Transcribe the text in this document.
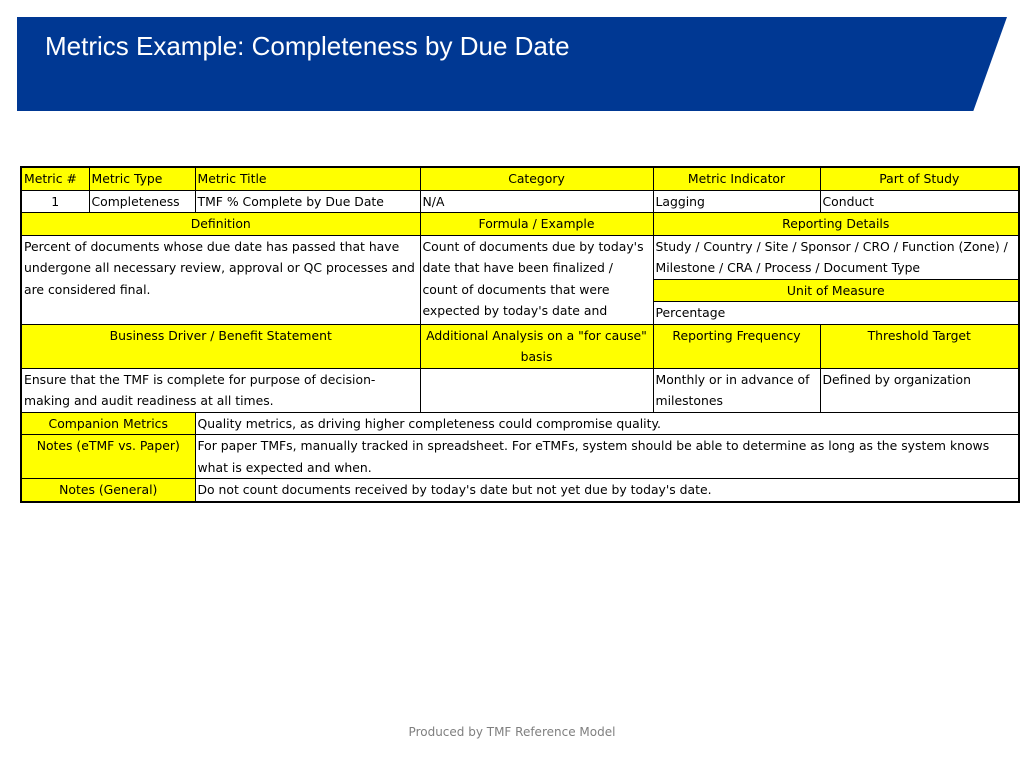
Metrics Example: Completeness by Due Date
Metric #	Metric Type	Metric Title	Category	Metric Indicator	Part of Study
1	Completeness	TMF % Complete by Due Date	N/A	Lagging	Conduct
Definition			Formula / Example	Reporting Details	
Percent of documents whose due date has passed that have undergone all necessary review, approval or QC processes and are considered final.			Count of documents due by today's date that have been finalized / count of documents that were expected by today's date and	Study / Country / Site / Sponsor / CRO / Function (Zone) / Milestone / CRA / Process / Document Type	
				Unit of Measure	
				Percentage	
Business Driver / Benefit Statement			Additional Analysis on a "for cause" basis	Reporting Frequency	Threshold Target
Ensure that the TMF is complete for purpose of decision-making and audit readiness at all times.				Monthly or in advance of milestones	Defined by organization
Companion Metrics		Quality metrics, as driving higher completeness could compromise quality.			
Notes (eTMF vs. Paper)		For paper TMFs, manually tracked in spreadsheet. For eTMFs, system should be able to determine as long as the system knows what is expected and when.			
Notes (General)		Do not count documents received by today's date but not yet due by today's date.			
Produced by TMF Reference Model
